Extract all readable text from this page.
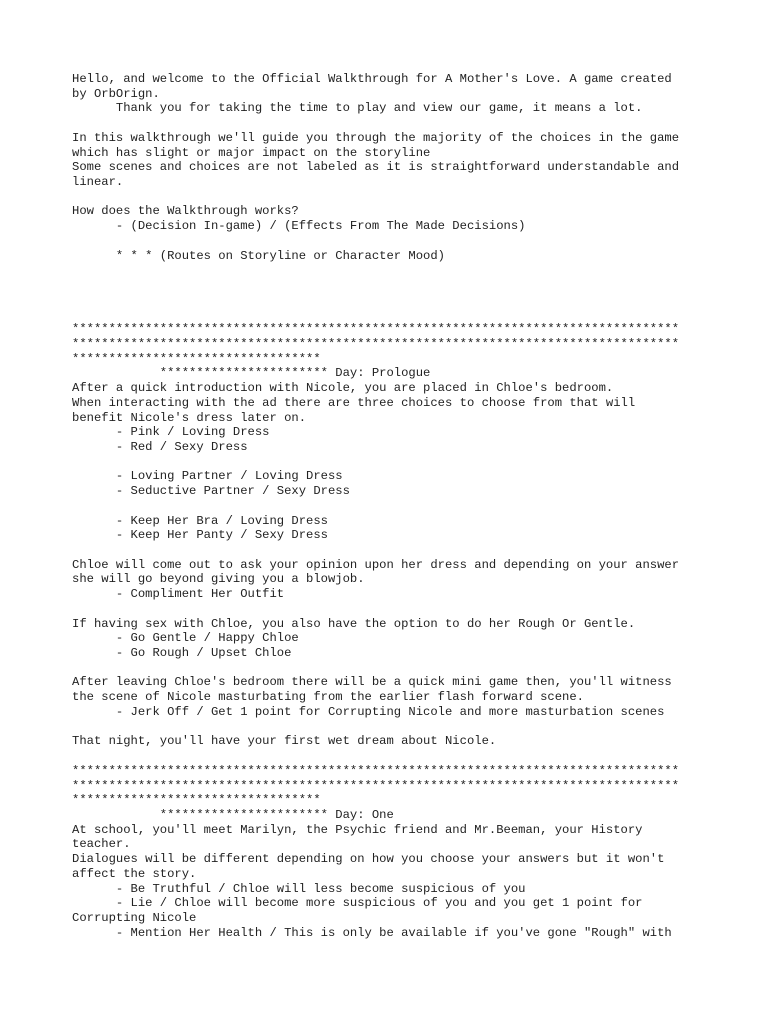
Hello, and welcome to the Official Walkthrough for A Mother's Love. A game created
by OrbOrign.
Thank you for taking the time to play and view our game, it means a lot.

In this walkthrough we'll guide you through the majority of the choices in the game
which has slight or major impact on the storyline
Some scenes and choices are not labeled as it is straightforward understandable and
linear.

How does the Walkthrough works?
- (Decision In-game) / (Effects From The Made Decisions)

* * * (Routes on Storyline or Character Mood)

***********************************************************************************
***********************************************************************************
**********************************
*********************** Day: Prologue
After a quick introduction with Nicole, you are placed in Chloe's bedroom.
When interacting with the ad there are three choices to choose from that will
benefit Nicole's dress later on.
- Pink / Loving Dress
- Red / Sexy Dress

- Loving Partner / Loving Dress
- Seductive Partner / Sexy Dress

- Keep Her Bra / Loving Dress
- Keep Her Panty / Sexy Dress

Chloe will come out to ask your opinion upon her dress and depending on your answer
she will go beyond giving you a blowjob.
- Compliment Her Outfit

If having sex with Chloe, you also have the option to do her Rough Or Gentle.
- Go Gentle / Happy Chloe
- Go Rough / Upset Chloe

After leaving Chloe's bedroom there will be a quick mini game then, you'll witness
the scene of Nicole masturbating from the earlier flash forward scene.
- Jerk Off / Get 1 point for Corrupting Nicole and more masturbation scenes

That night, you'll have your first wet dream about Nicole.

***********************************************************************************
***********************************************************************************
**********************************
*********************** Day: One
At school, you'll meet Marilyn, the Psychic friend and Mr.Beeman, your History
teacher.
Dialogues will be different depending on how you choose your answers but it won't
affect the story.
- Be Truthful / Chloe will less become suspicious of you
- Lie / Chloe will become more suspicious of you and you get 1 point for
Corrupting Nicole
- Mention Her Health / This is only be available if you've gone "Rough" with
